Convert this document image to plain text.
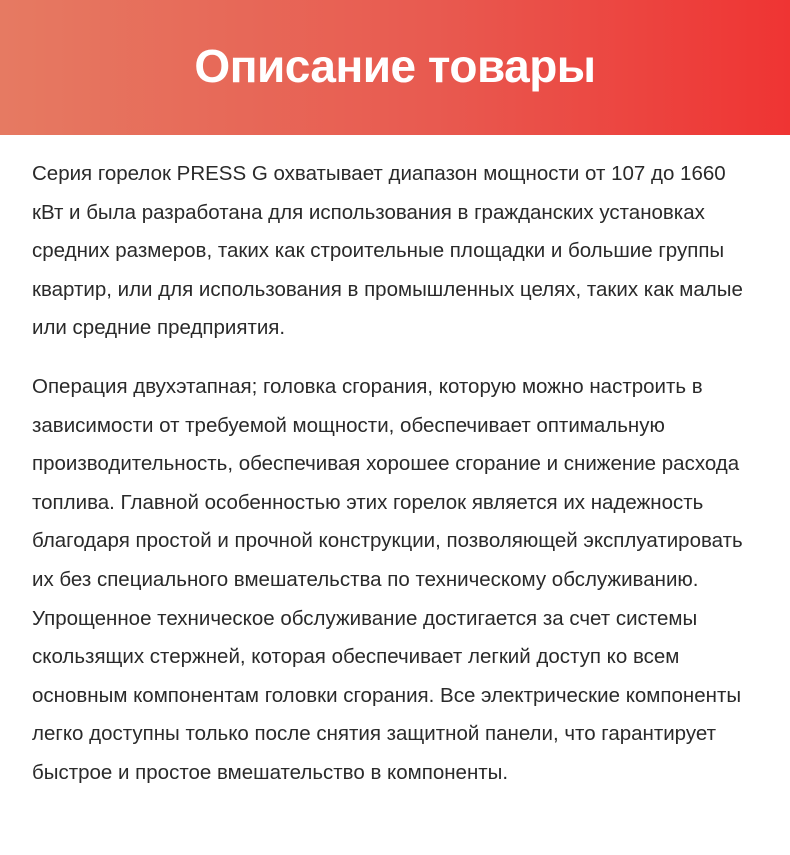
Описание товары

Серия горелок PRESS G охватывает диапазон мощности от 107 до 1660 кВт и была разработана для использования в гражданских установках средних размеров, таких как строительные площадки и большие группы квартир, или для использования в промышленных целях, таких как малые или средние предприятия.

Операция двухэтапная; головка сгорания, которую можно настроить в зависимости от требуемой мощности, обеспечивает оптимальную производительность, обеспечивая хорошее сгорание и снижение расхода топлива. Главной особенностью этих горелок является их надежность благодаря простой и прочной конструкции, позволяющей эксплуатировать их без специального вмешательства по техническому обслуживанию. Упрощенное техническое обслуживание достигается за счет системы скользящих стержней, которая обеспечивает легкий доступ ко всем основным компонентам головки сгорания. Все электрические компоненты легко доступны только после снятия защитной панели, что гарантирует быстрое и простое вмешательство в компоненты.
